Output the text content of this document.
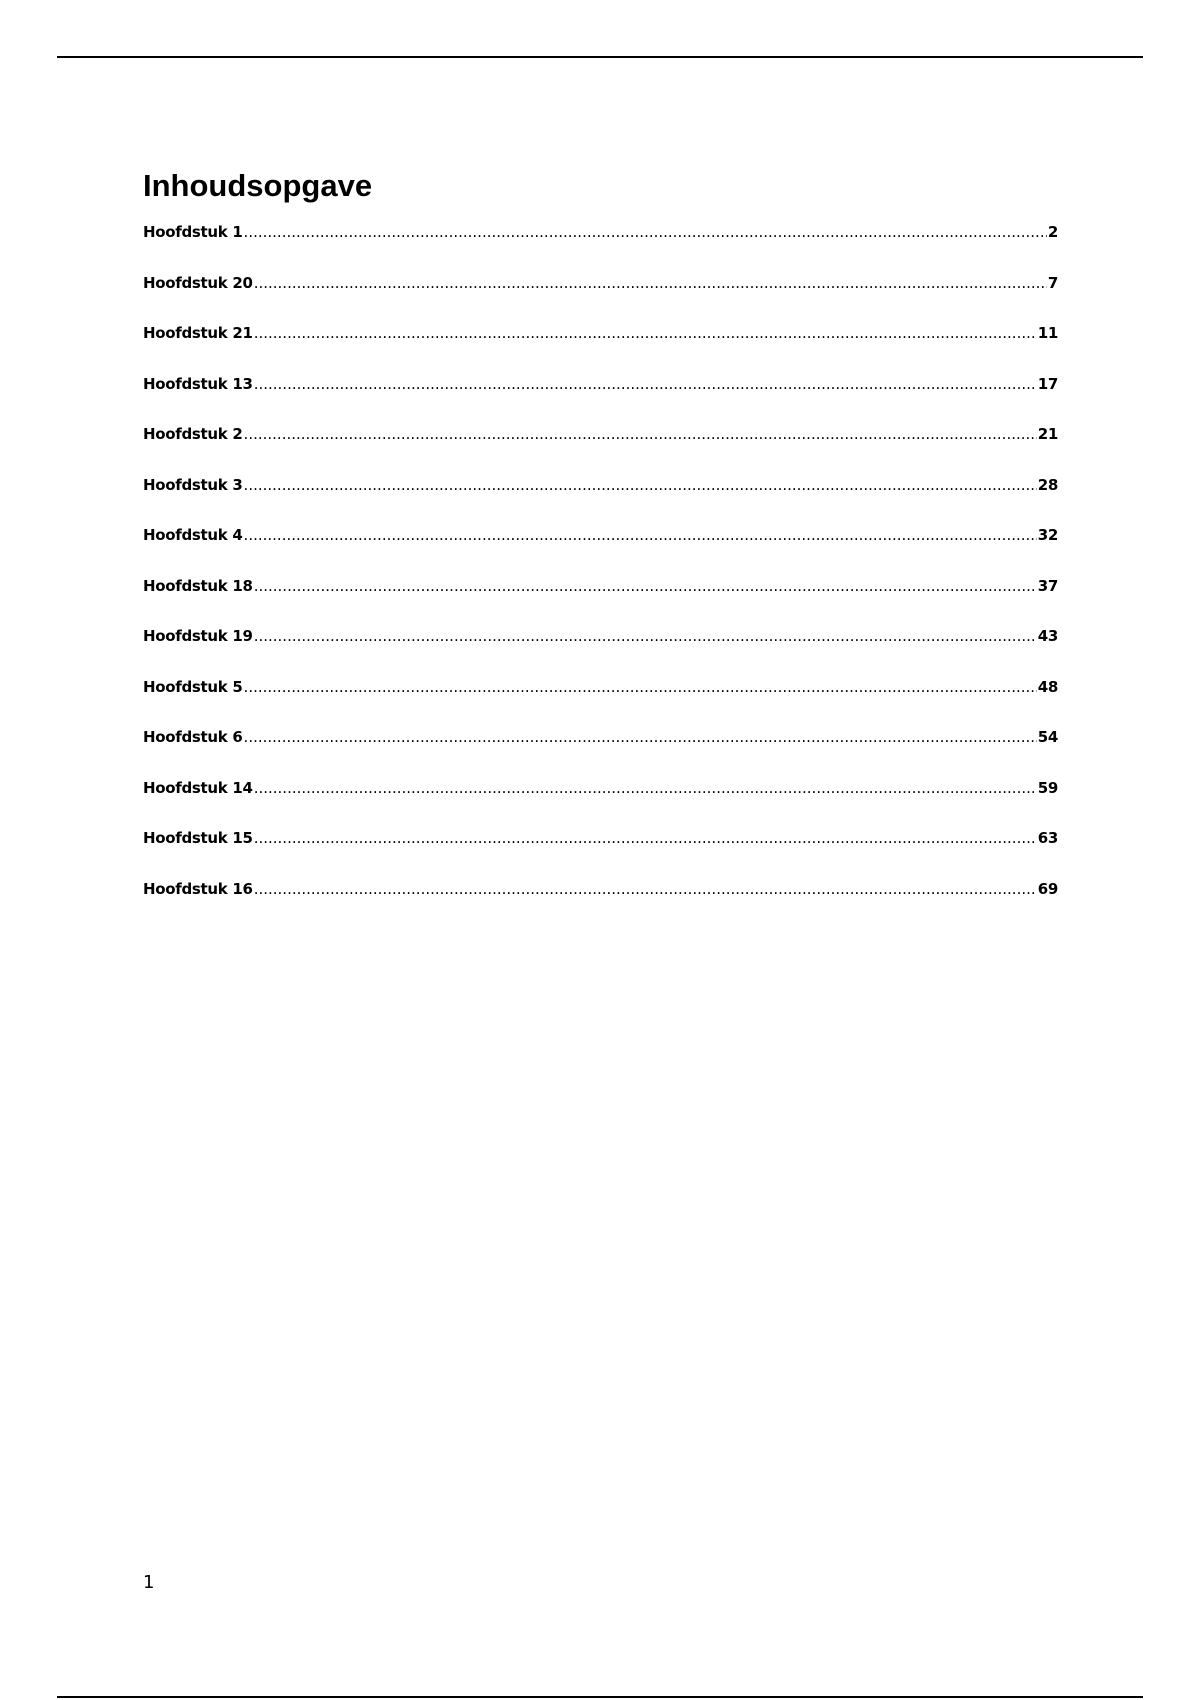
Inhoudsopgave
Hoofdstuk 1 .....	2
Hoofdstuk 20 .....	7
Hoofdstuk 21 .....	11
Hoofdstuk 13 .....	17
Hoofdstuk 2 .....	21
Hoofdstuk 3 .....	28
Hoofdstuk 4 .....	32
Hoofdstuk 18 .....	37
Hoofdstuk 19 .....	43
Hoofdstuk 5 .....	48
Hoofdstuk 6 .....	54
Hoofdstuk 14 .....	59
Hoofdstuk 15 .....	63
Hoofdstuk 16 .....	69
1
